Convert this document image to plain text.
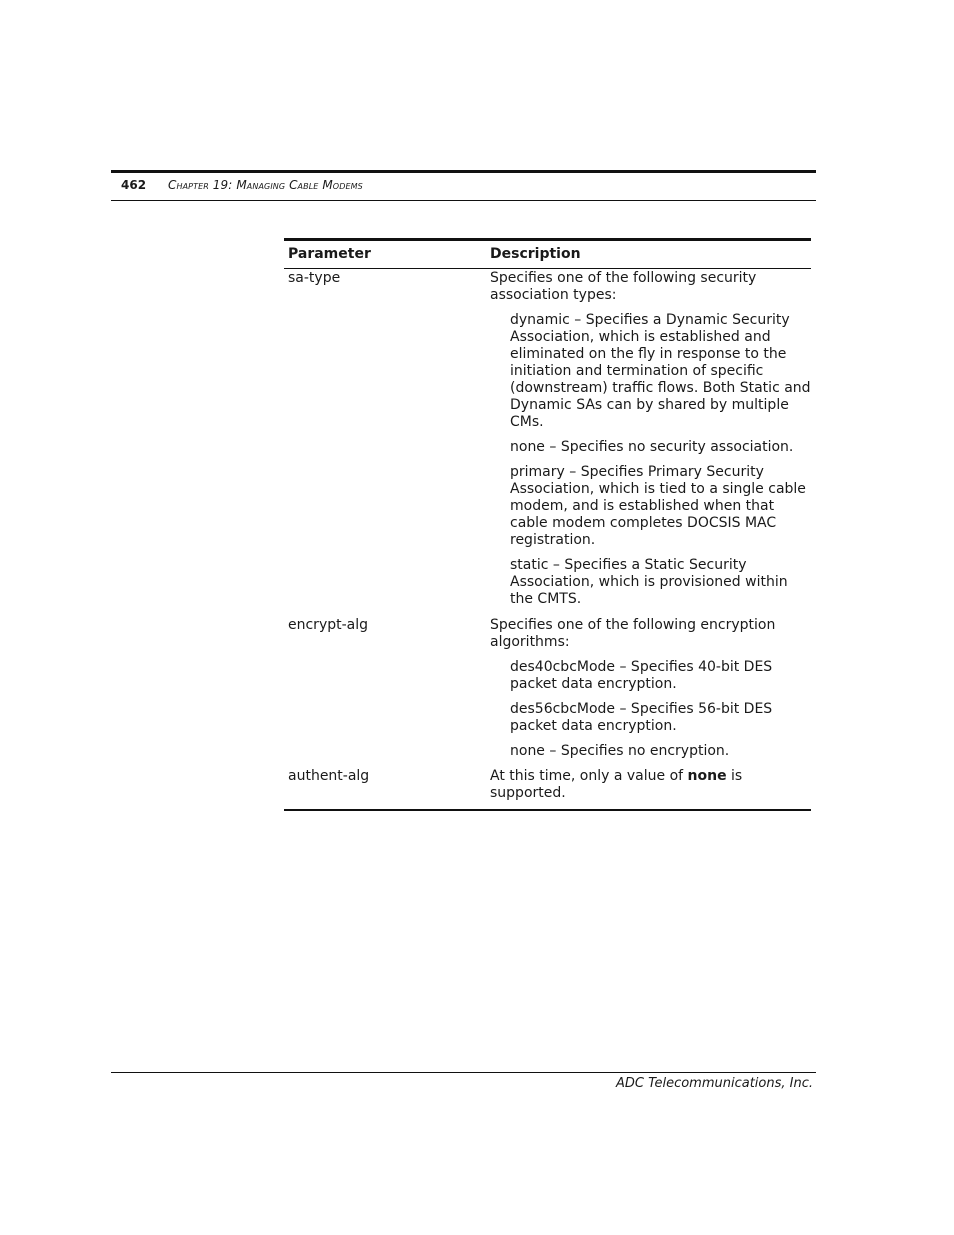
462 Chapter 19: Managing Cable Modems
Parameter	Description
sa-type	Specifies one of the following security association types:

dynamic – Specifies a Dynamic Security Association, which is established and eliminated on the fly in response to the initiation and termination of specific (downstream) traffic flows. Both Static and Dynamic SAs can by shared by multiple CMs.

none – Specifies no security association.

primary – Specifies Primary Security Association, which is tied to a single cable modem, and is established when that cable modem completes DOCSIS MAC registration.

static – Specifies a Static Security Association, which is provisioned within the CMTS.

encrypt-alg	Specifies one of the following encryption algorithms:

des40cbcMode – Specifies 40-bit DES packet data encryption.

des56cbcMode – Specifies 56-bit DES packet data encryption.

none – Specifies no encryption.

authent-alg	At this time, only a value of none is supported.
ADC Telecommunications, Inc.
